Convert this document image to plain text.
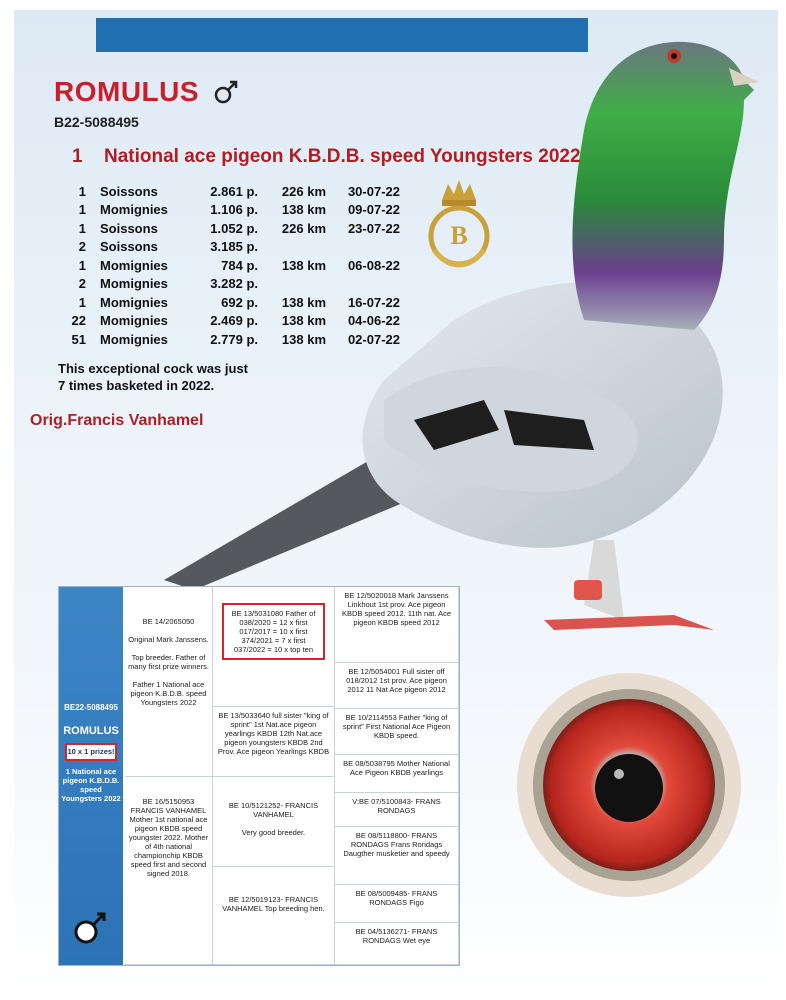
ROMULUS
B22-5088495
1	National ace pigeon K.B.D.B. speed Youngsters 2022
1	Soissons	2.861 p.	226 km	30-07-22
1	Momignies	1.106 p.	138 km	09-07-22
1	Soissons	1.052 p.	226 km	23-07-22
2	Soissons	3.185 p.
1	Momignies	784 p.	138 km	06-08-22
2	Momignies	3.282 p.
1	Momignies	692 p.	138 km	16-07-22
22	Momignies	2.469 p.	138 km	04-06-22
51	Momignies	2.779 p.	138 km	02-07-22
This exceptional cock was just
7 times basketed in 2022.
Orig.Francis Vanhamel
B
BE22-5088495
ROMULUS
10 x 1 prizes!
1 National ace pigeon K.B.D.B. speed Youngsters 2022
BE 14/2065050

Original Mark Janssens.

Top breeder. Father of many first prize winners.

Father 1 National ace pigeon K.B.D.B. speed Youngsters 2022
BE 16/5150953 FRANCIS VANHAMEL Mother 1st national ace pigeon KBDB speed youngster 2022. Mother of 4th national championchip KBDB speed first and second signed 2018.
BE 13/5031080 Father of 038/2020 = 12 x first 017/2017 = 10 x first 374/2021 = 7 x first 037/2022 = 10 x top ten
BE 13/5033640 full sister "king of sprint" 1st Nat.ace pigeon yearlings KBDB 12th Nat.ace pigeon youngsters KBDB 2nd Prov. Ace pigeon Yearlings KBDB
BE 10/5121252- FRANCIS VANHAMEL

Very good breeder.
BE 12/5019123- FRANCIS VANHAMEL Top breeding hen.
BE 12/5020018 Mark Janssens Linkhout 1st prov. Ace pigeon KBDB speed 2012. 11th nat. Ace pigeon KBDB speed 2012
BE 12/5054001 Full sister off 018/2012 1st prov. Ace pigeon 2012 11 Nat Ace pigeon 2012
BE 10/2114553 Father "king of sprint" First National Ace Pigeon KBDB speed.
BE 08/5038795 Mother National Ace Pigeon KBDB yearlings
V:BE 07/5100843- FRANS RONDAGS
BE 08/5118800- FRANS RONDAGS Frans Rondags Daugther musketier and speedy
BE 08/5009485- FRANS RONDAGS Figo
BE 04/5136271- FRANS RONDAGS Wet eye
